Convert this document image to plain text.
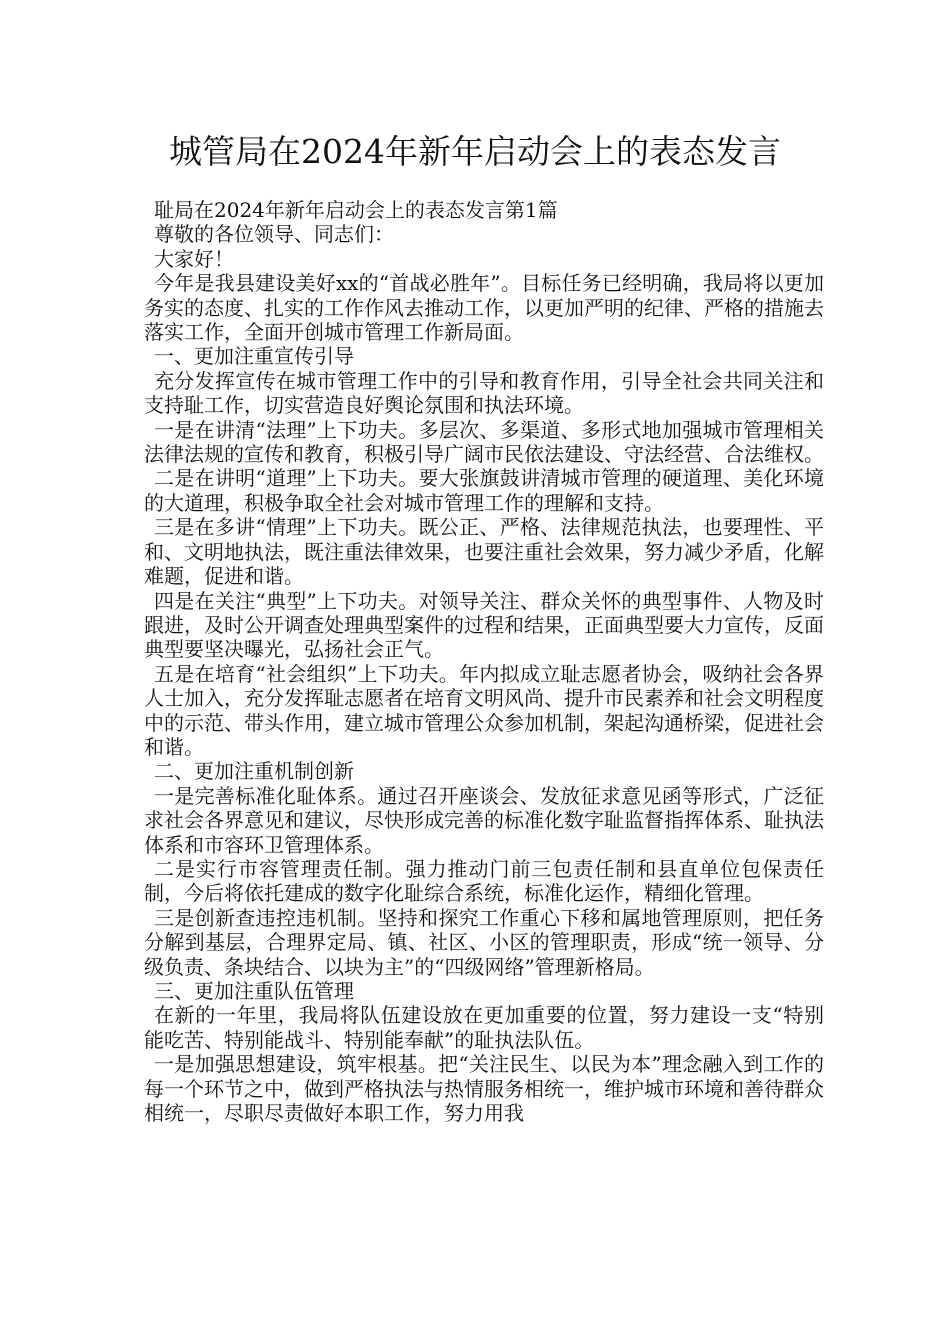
城管局在2024年新年启动会上的表态发言

耻局在2024年新年启动会上的表态发言第1篇

尊敬的各位领导、同志们：

大家好！

今年是我县建设美好xx的“首战必胜年”。目标任务已经明确，我局将以更加务实的态度、扎实的工作作风去推动工作，以更加严明的纪律、严格的措施去落实工作，全面开创城市管理工作新局面。

一、更加注重宣传引导

充分发挥宣传在城市管理工作中的引导和教育作用，引导全社会共同关注和支持耻工作，切实营造良好舆论氛围和执法环境。

一是在讲清“法理”上下功夫。多层次、多渠道、多形式地加强城市管理相关法律法规的宣传和教育，积极引导广阔市民依法建设、守法经营、合法维权。

二是在讲明“道理”上下功夫。要大张旗鼓讲清城市管理的硬道理、美化环境的大道理，积极争取全社会对城市管理工作的理解和支持。

三是在多讲“情理”上下功夫。既公正、严格、法律规范执法，也要理性、平和、文明地执法，既注重法律效果，也要注重社会效果，努力减少矛盾，化解难题，促进和谐。

四是在关注“典型”上下功夫。对领导关注、群众关怀的典型事件、人物及时跟进，及时公开调查处理典型案件的过程和结果，正面典型要大力宣传，反面典型要坚决曝光，弘扬社会正气。

五是在培育“社会组织”上下功夫。年内拟成立耻志愿者协会，吸纳社会各界人士加入，充分发挥耻志愿者在培育文明风尚、提升市民素养和社会文明程度中的示范、带头作用，建立城市管理公众参加机制，架起沟通桥梁，促进社会和谐。

二、更加注重机制创新

一是完善标准化耻体系。通过召开座谈会、发放征求意见函等形式，广泛征求社会各界意见和建议，尽快形成完善的标准化数字耻监督指挥体系、耻执法体系和市容环卫管理体系。

二是实行市容管理责任制。强力推动门前三包责任制和县直单位包保责任制，今后将依托建成的数字化耻综合系统，标准化运作，精细化管理。

三是创新查违控违机制。坚持和探究工作重心下移和属地管理原则，把任务分解到基层，合理界定局、镇、社区、小区的管理职责，形成“统一领导、分级负责、条块结合、以块为主”的“四级网络”管理新格局。

三、更加注重队伍管理

在新的一年里，我局将队伍建设放在更加重要的位置，努力建设一支“特别能吃苦、特别能战斗、特别能奉献”的耻执法队伍。

一是加强思想建设，筑牢根基。把“关注民生、以民为本”理念融入到工作的每一个环节之中，做到严格执法与热情服务相统一，维护城市环境和善待群众相统一，尽职尽责做好本职工作，努力用我
